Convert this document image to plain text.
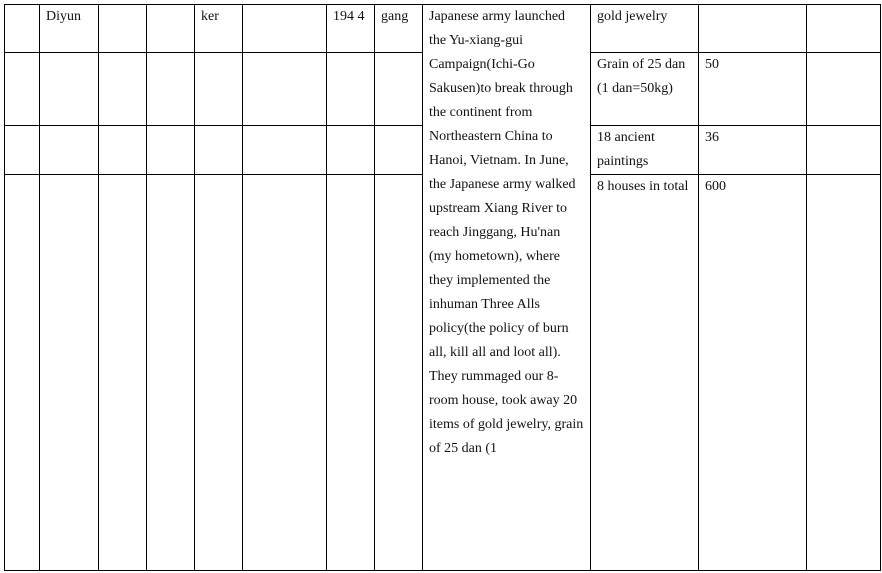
	Diyun			ker		194 4	gang	Japanese army launched the Yu-xiang-gui Campaign(Ichi-Go Sakusen)to break through the continent from Northeastern China to Hanoi, Vietnam. In June, the Japanese army walked upstream Xiang River to reach Jinggang, Hu'nan (my hometown), where they implemented the inhuman Three Alls policy(the policy of burn all, kill all and loot all). They rummaged our 8-room house, took away 20 items of gold jewelry, grain of 25 dan (1	gold jewelry		
									Grain of 25 dan (1 dan=50kg)	50	
									18 ancient paintings	36	
									8 houses in total	600	
